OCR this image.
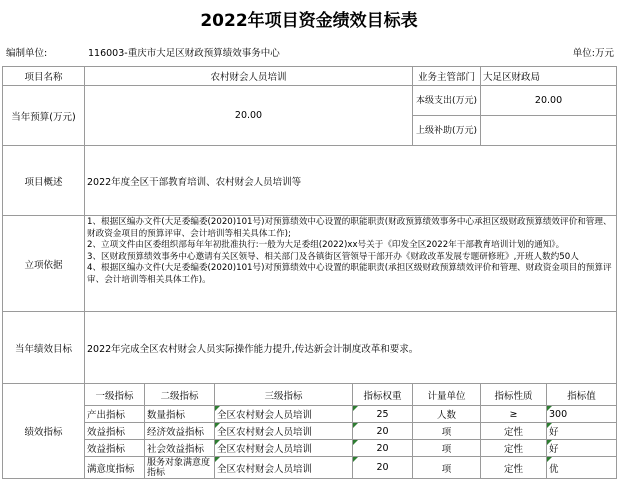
2022年项目资金绩效目标表
编制单位:	116003-重庆市大足区财政预算绩效事务中心	单位:万元
项目名称	农村财会人员培训				业务主管部门	大足区财政局	
当年预算(万元)	20.00				本级支出(万元)	20.00	
					上级补助(万元)		
项目概述	2022年度全区干部教育培训、农村财会人员培训等						
立项依据	1、根据区编办文件(大足委编委(2020)101号)对预算绩效中心设置的职能职责(财政预算绩效事务中心承担区级财政预算绩效评价和管理、财政资金项目的预算评审、会计培训等相关具体工作);
2、立项文件由区委组织部每年年初批准执行:一般为大足委组(2022)xx号关于《印发全区2022年干部教育培训计划的通知》。
3、区财政预算绩效事务中心邀请有关区领导、相关部门及各镇街区管领导干部开办《财政改革发展专题研修班》,开班人数约50人
4、根据区编办文件(大足委编委(2020)101号)对预算绩效中心设置的职能职责(承担区级财政预算绩效评价和管理、财政资金项目的预算评审、会计培训等相关具体工作)。						

当年绩效目标	2022年完成全区农村财会人员实际操作能力提升,传达新会计制度改革和要求。						
绩效指标	一级指标	二级指标	三级指标	指标权重	计量单位	指标性质	指标值
	产出指标	数量指标	全区农村财会人员培训	25	人数	≥	300
	效益指标	经济效益指标	全区农村财会人员培训	20	项	定性	好
	效益指标	社会效益指标	全区农村财会人员培训	20	项	定性	好
	满意度指标	服务对象满意度指标	全区农村财会人员培训	20	项	定性	优
